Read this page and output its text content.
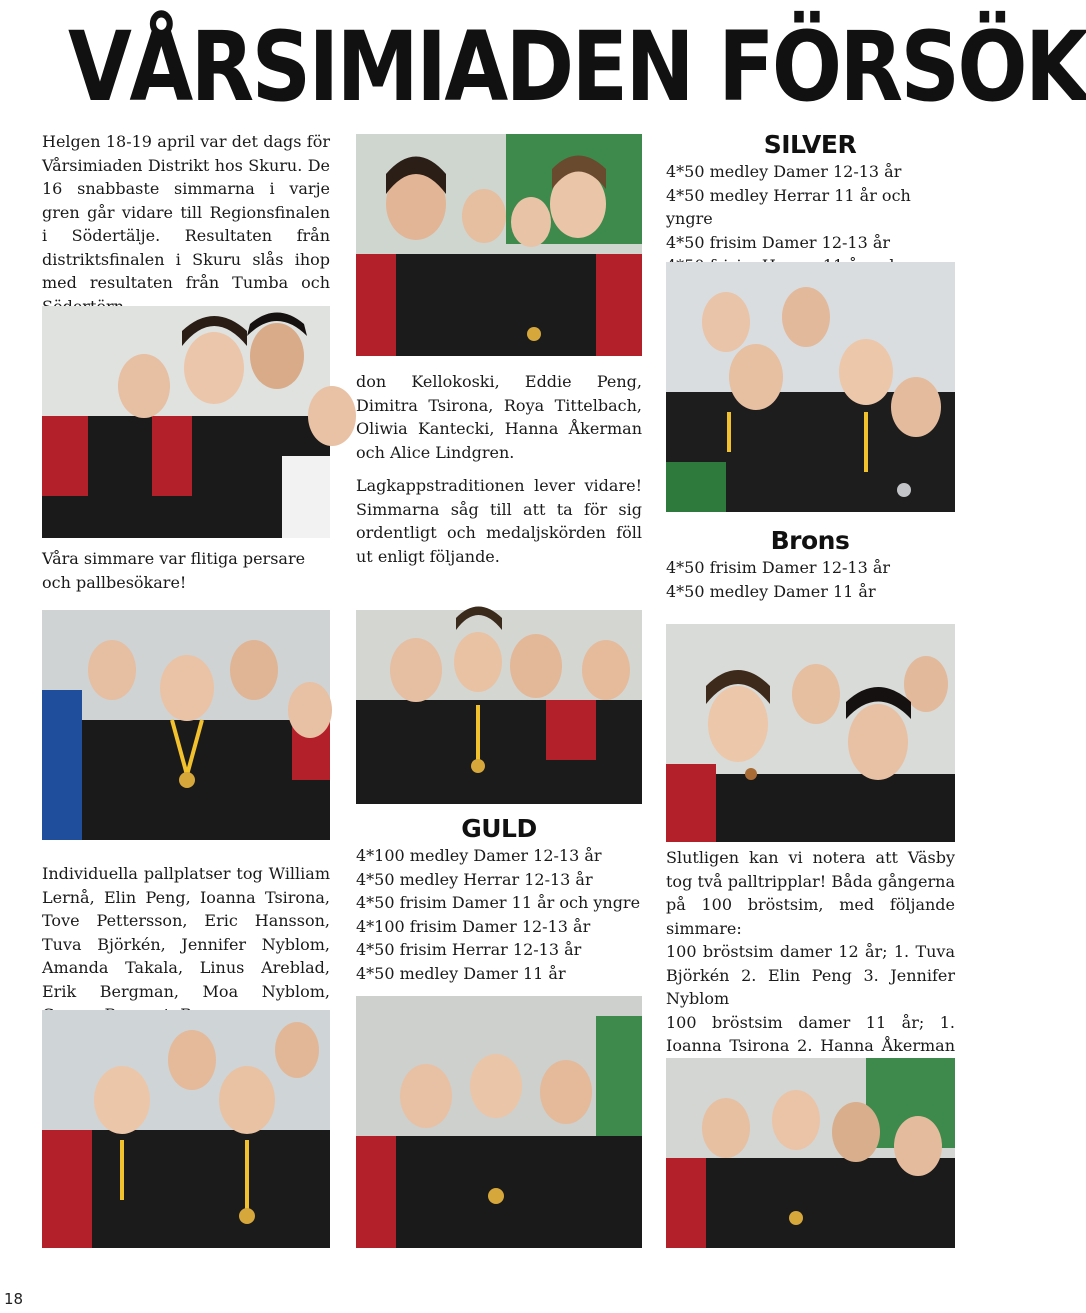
VÅRSIMIADEN FÖRSÖK
Helgen 18-19 april var det dags för Vårsimiaden Distrikt hos Skuru. De 16 snabbaste simmarna i varje gren går vidare till Regionsfinalen i Södertälje. Resultaten från distriktsfinalen i Skuru slås ihop med resultaten från Tumba och
SILVER
4*50 medley Damer 12-13 år
4*50 medley Herrar 11 år och yngre
4*50 frisim Damer 12-13 år
don Kellokoski, Eddie Peng, Dimitra Tsirona, Roya Tittelbach, Oliwia Kantecki, Hanna Åkerman och Alice Lindgren.
Lagkappstraditionen lever vidare! Simmarna såg till att ta för sig ordentligt och medaljskörden föll ut enligt följande.
Våra simmare var flitiga persare och pallbesökare!
Brons
4*50 frisim Damer 12-13 år
4*50 medley Damer 11 år
GULD
4*100 medley Damer 12-13 år
4*50 medley Herrar 12-13 år
4*50 frisim Damer 11 år och yngre
4*100 frisim Damer 12-13 år
4*50 frisim Herrar 12-13 år
4*50 medley Damer 11 år
Individuella pallplatser tog William Lernå, Elin Peng, Ioanna Tsirona, Tove Pettersson, Eric Hansson, Tuva Björkén, Jennifer Nyblom, Amanda Takala, Linus Areblad, Erik Bergman, Moa Nyblom,
Slutligen kan vi notera att Väsby tog två palltripplar! Båda gångerna på 100 bröstsim, med följande simmare:
100 bröstsim damer 12 år; 1. Tuva Björkén 2. Elin Peng 3. Jennifer Nyblom
100 bröstsim damer 11 år; 1. Ioanna Tsirona 2. Hanna Åkerman
18
